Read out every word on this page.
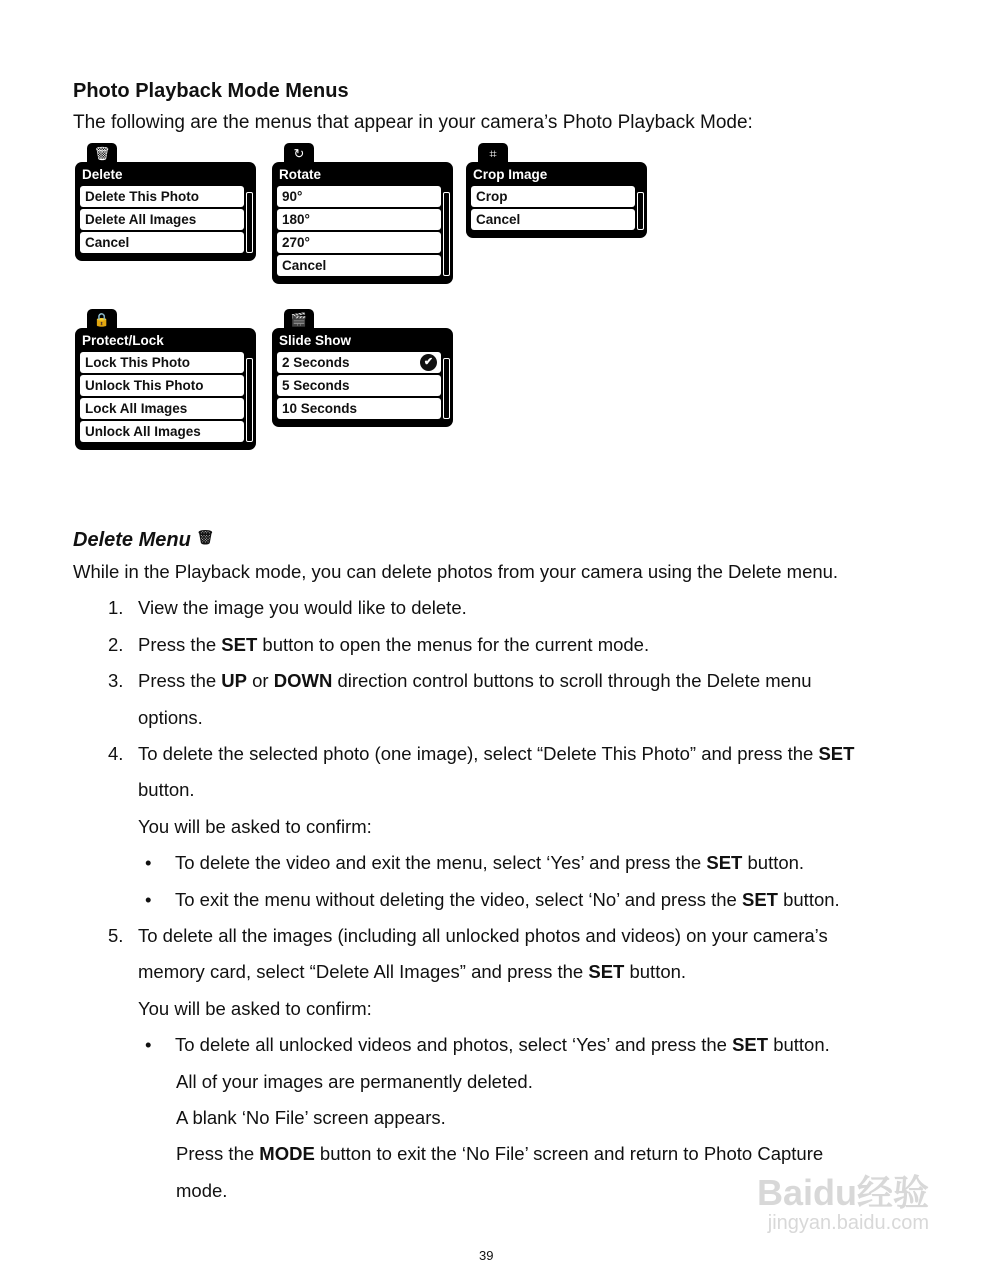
Photo Playback Mode Menus
The following are the menus that appear in your camera’s Photo Playback Mode:
🗑
Delete
Delete This Photo
Delete All Images
Cancel
↻
Rotate
90°
180°
270°
Cancel
⌗
Crop Image
Crop
Cancel
🔒
Protect/Lock
Lock This Photo
Unlock This Photo
Lock All Images
Unlock All Images
🎬
Slide Show
2 Seconds	✔
5 Seconds
10 Seconds
Delete Menu 🗑
While in the Playback mode, you can delete photos from your camera using the Delete menu.
1. View the image you would like to delete.
2. Press the SET button to open the menus for the current mode.
3. Press the UP or DOWN direction control buttons to scroll through the Delete menu
options.
4. To delete the selected photo (one image), select “Delete This Photo” and press the SET
button.
You will be asked to confirm:
• To delete the video and exit the menu, select ‘Yes’ and press the SET button.
• To exit the menu without deleting the video, select ‘No’ and press the SET button.
5. To delete all the images (including all unlocked photos and videos) on your camera’s
memory card, select “Delete All Images” and press the SET button.
You will be asked to confirm:
• To delete all unlocked videos and photos, select ‘Yes’ and press the SET button.
All of your images are permanently deleted.
A blank ‘No File’ screen appears.
Press the MODE button to exit the ‘No File’ screen and return to Photo Capture
mode.
39
Baidu经验
jingyan.baidu.com
